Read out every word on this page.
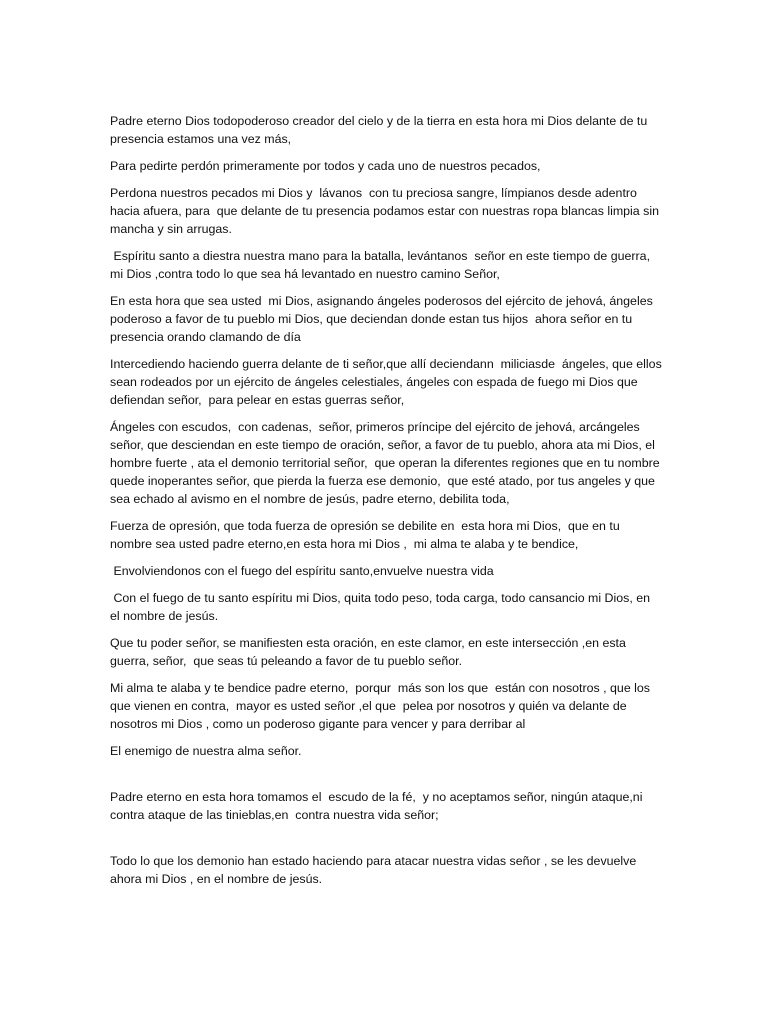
Padre eterno Dios todopoderoso creador del cielo y de la tierra en esta hora mi Dios delante de tu presencia estamos una vez más,

Para pedirte perdón primeramente por todos y cada uno de nuestros pecados,

Perdona nuestros pecados mi Dios y  lávanos  con tu preciosa sangre, límpianos desde adentro hacia afuera, para  que delante de tu presencia podamos estar con nuestras ropa blancas limpia sin mancha y sin arrugas.

Espíritu santo a diestra nuestra mano para la batalla, levántanos  señor en este tiempo de guerra, mi Dios ,contra todo lo que sea há levantado en nuestro camino Señor,

En esta hora que sea usted  mi Dios, asignando ángeles poderosos del ejército de jehová, ángeles poderoso a favor de tu pueblo mi Dios, que deciendan donde estan tus hijos  ahora señor en tu presencia orando clamando de día

Intercediendo haciendo guerra delante de ti señor,que allí deciendann  miliciasde  ángeles, que ellos sean rodeados por un ejército de ángeles celestiales, ángeles con espada de fuego mi Dios que defiendan señor,  para pelear en estas guerras señor,

Ángeles con escudos,  con cadenas,  señor, primeros príncipe del ejército de jehová, arcángeles señor, que desciendan en este tiempo de oración, señor, a favor de tu pueblo, ahora ata mi Dios, el hombre fuerte , ata el demonio territorial señor,  que operan la diferentes regiones que en tu nombre quede inoperantes señor, que pierda la fuerza ese demonio,  que esté atado, por tus angeles y que sea echado al avismo en el nombre de jesús, padre eterno, debilita toda,

Fuerza de opresión, que toda fuerza de opresión se debilite en  esta hora mi Dios,  que en tu nombre sea usted padre eterno,en esta hora mi Dios ,  mi alma te alaba y te bendice,

Envolviendonos con el fuego del espíritu santo,envuelve nuestra vida

Con el fuego de tu santo espíritu mi Dios, quita todo peso, toda carga, todo cansancio mi Dios, en el nombre de jesús.

Que tu poder señor, se manifiesten esta oración, en este clamor, en este intersección ,en esta guerra, señor,  que seas tú peleando a favor de tu pueblo señor.

Mi alma te alaba y te bendice padre eterno,  porqur  más son los que  están con nosotros , que los que vienen en contra,  mayor es usted señor ,el que  pelea por nosotros y quién va delante de nosotros mi Dios , como un poderoso gigante para vencer y para derribar al

El enemigo de nuestra alma señor.

Padre eterno en esta hora tomamos el  escudo de la fé,  y no aceptamos señor, ningún ataque,ni  contra ataque de las tinieblas,en  contra nuestra vida señor;

Todo lo que los demonio han estado haciendo para atacar nuestra vidas señor , se les devuelve ahora mi Dios , en el nombre de jesús.
